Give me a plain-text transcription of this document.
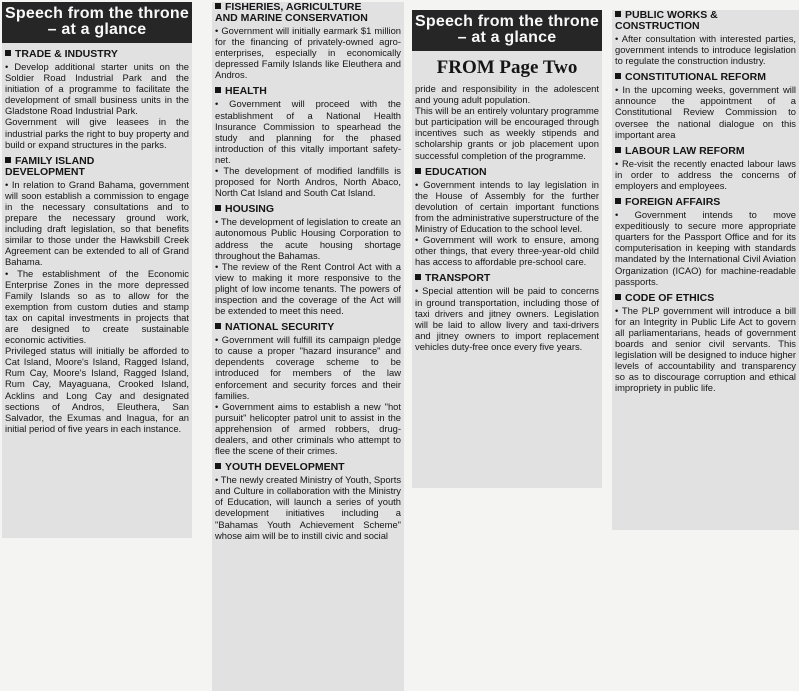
Speech from the throne – at a glance
TRADE & INDUSTRY

• Develop additional starter units on the Soldier Road Industrial Park and the initiation of a programme to facilitate the development of small business units in the Gladstone Road Industrial Park.

Government will give leasees in the industrial parks the right to buy property and build or expand structures in the parks.

FAMILY ISLAND
DEVELOPMENT

• In relation to Grand Bahama, government will soon establish a commission to engage in the necessary consultations and to prepare the necessary ground work, including draft legislation, so that benefits similar to those under the Hawksbill Creek Agreement can be extended to all of Grand Bahama.

• The establishment of the Economic Enterprise Zones in the more depressed Family Islands so as to allow for the exemption from custom duties and stamp tax on capital investments in projects that are designed to create sustainable economic activities.

Privileged status will initially be afforded to Cat Island, Moore's Island, Ragged Island, Rum Cay, Moore's Island, Ragged Island, Rum Cay, Mayaguana, Crooked Island, Acklins and Long Cay and designated sections of Andros, Eleuthera, San Salvador, the Exumas and Inagua, for an initial period of five years in each instance.

FISHERIES, AGRICULTURE
AND MARINE CONSERVATION

• Government will initially earmark $1 million for the financing of privately-owned agro-enterprises, especially in economically depressed Family Islands like Eleuthera and Andros.

HEALTH

• Government will proceed with the establishment of a National Health Insurance Commission to spearhead the study and planning for the phased introduction of this vitally important safety-net.

• The development of modified landfills is proposed for North Andros, North Abaco, North Cat Island and South Cat Island.

HOUSING

• The development of legislation to create an autonomous Public Housing Corporation to address the acute housing shortage throughout the Bahamas.

• The review of the Rent Control Act with a view to making it more responsive to the plight of low income tenants. The powers of inspection and the coverage of the Act will be extended to meet this need.

NATIONAL SECURITY

• Government will fulfill its campaign pledge to cause a proper "hazard insurance" and dependents coverage scheme to be introduced for members of the law enforcement and security forces and their families.

• Government aims to establish a new "hot pursuit" helicopter patrol unit to assist in the apprehension of armed robbers, drug-dealers, and other criminals who attempt to flee the scene of their crimes.

YOUTH DEVELOPMENT

• The newly created Ministry of Youth, Sports and Culture in collaboration with the Ministry of Education, will launch a series of youth development initiatives including a "Bahamas Youth Achievement Scheme" whose aim will be to instill civic and social

Speech from the throne – at a glance
FROM Page Two

pride and responsibility in the adolescent and young adult population.

This will be an entirely voluntary programme but participation will be encouraged through incentives such as weekly stipends and scholarship grants or job placement upon successful completion of the programme.

EDUCATION

• Government intends to lay legislation in the House of Assembly for the further devolution of certain important functions from the administrative superstructure of the Ministry of Education to the school level.

• Government will work to ensure, among other things, that every three-year-old child has access to affordable pre-school care.

TRANSPORT

• Special attention will be paid to concerns in ground transportation, including those of taxi drivers and jitney owners. Legislation will be laid to allow livery and taxi-drivers and jitney owners to import replacement vehicles duty-free once every five years.

PUBLIC WORKS &
CONSTRUCTION

• After consultation with interested parties, government intends to introduce legislation to regulate the construction industry.

CONSTITUTIONAL REFORM

• In the upcoming weeks, government will announce the appointment of a Constitutional Review Commission to oversee the national dialogue on this important area

LABOUR LAW REFORM

• Re-visit the recently enacted labour laws in order to address the concerns of employers and employees.

FOREIGN AFFAIRS

• Government intends to move expeditiously to secure more appropriate quarters for the Passport Office and for its computerisation in keeping with standards mandated by the International Civil Aviation Organization (ICAO) for machine-readable passports.

CODE OF ETHICS

• The PLP government will introduce a bill for an Integrity in Public Life Act to govern all parliamentarians, heads of government boards and senior civil servants. This legislation will be designed to induce higher levels of accountability and transparency so as to discourage corruption and ethical impropriety in public life.
